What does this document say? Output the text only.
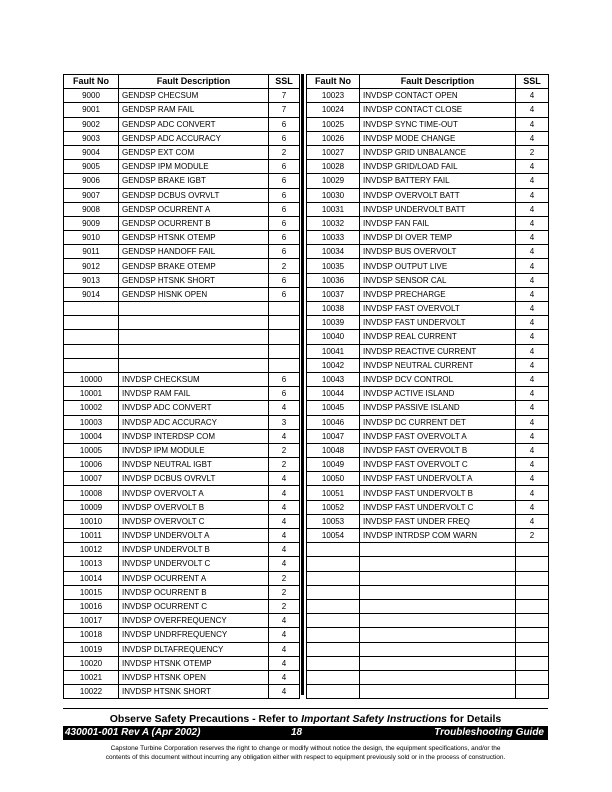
Fault No	Fault Description	SSL
9000	GENDSP CHECSUM	7
9001	GENDSP RAM FAIL	7
9002	GENDSP ADC CONVERT	6
9003	GENDSP ADC ACCURACY	6
9004	GENDSP EXT COM	2
9005	GENDSP IPM MODULE	6
9006	GENDSP BRAKE IGBT	6
9007	GENDSP DCBUS OVRVLT	6
9008	GENDSP OCURRENT A	6
9009	GENDSP OCURRENT B	6
9010	GENDSP HTSNK OTEMP	6
9011	GENDSP HANDOFF FAIL	6
9012	GENDSP BRAKE OTEMP	2
9013	GENDSP HTSNK SHORT	6
9014	GENDSP HISNK OPEN	6

10000	INVDSP CHECKSUM	6
10001	INVDSP RAM FAIL	6
10002	INVDSP ADC CONVERT	4
10003	INVDSP ADC ACCURACY	3
10004	INVDSP INTERDSP COM	4
10005	INVDSP IPM MODULE	2
10006	INVDSP NEUTRAL IGBT	2
10007	INVDSP DCBUS OVRVLT	4
10008	INVDSP OVERVOLT A	4
10009	INVDSP OVERVOLT B	4
10010	INVDSP OVERVOLT C	4
10011	INVDSP UNDERVOLT A	4
10012	INVDSP UNDERVOLT B	4
10013	INVDSP UNDERVOLT C	4
10014	INVDSP OCURRENT A	2
10015	INVDSP OCURRENT B	2
10016	INVDSP OCURRENT C	2
10017	INVDSP OVERFREQUENCY	4
10018	INVDSP UNDRFREQUENCY	4
10019	INVDSP DLTAFREQUENCY	4
10020	INVDSP HTSNK OTEMP	4
10021	INVDSP HTSNK OPEN	4
10022	INVDSP HTSNK SHORT	4
Fault No	Fault Description	SSL
10023	INVDSP CONTACT OPEN	4
10024	INVDSP CONTACT CLOSE	4
10025	INVDSP SYNC TIME-OUT	4
10026	INVDSP MODE CHANGE	4
10027	INVDSP GRID UNBALANCE	2
10028	INVDSP GRID/LOAD FAIL	4
10029	INVDSP BATTERY FAIL	4
10030	INVDSP OVERVOLT BATT	4
10031	INVDSP UNDERVOLT BATT	4
10032	INVDSP FAN FAIL	4
10033	INVDSP DI OVER TEMP	4
10034	INVDSP BUS OVERVOLT	4
10035	INVDSP OUTPUT LIVE	4
10036	INVDSP SENSOR CAL	4
10037	INVDSP PRECHARGE	4
10038	INVDSP FAST OVERVOLT	4
10039	INVDSP FAST UNDERVOLT	4
10040	INVDSP REAL CURRENT	4
10041	INVDSP REACTIVE CURRENT	4
10042	INVDSP NEUTRAL CURRENT	4
10043	INVDSP DCV CONTROL	4
10044	INVDSP ACTIVE ISLAND	4
10045	INVDSP PASSIVE ISLAND	4
10046	INVDSP DC CURRENT DET	4
10047	INVDSP FAST OVERVOLT A	4
10048	INVDSP FAST OVERVOLT B	4
10049	INVDSP FAST OVERVOLT C	4
10050	INVDSP FAST UNDERVOLT A	4
10051	INVDSP FAST UNDERVOLT B	4
10052	INVDSP FAST UNDERVOLT C	4
10053	INVDSP FAST UNDER FREQ	4
10054	INVDSP INTRDSP COM WARN	2

Observe Safety Precautions - Refer to Important Safety Instructions for Details
430001-001 Rev A (Apr 2002)	18	Troubleshooting Guide
Capstone Turbine Corporation reserves the right to change or modify without notice the design, the equipment specifications, and/or the
contents of this document without incurring any obligation either with respect to equipment previously sold or in the process of construction.
